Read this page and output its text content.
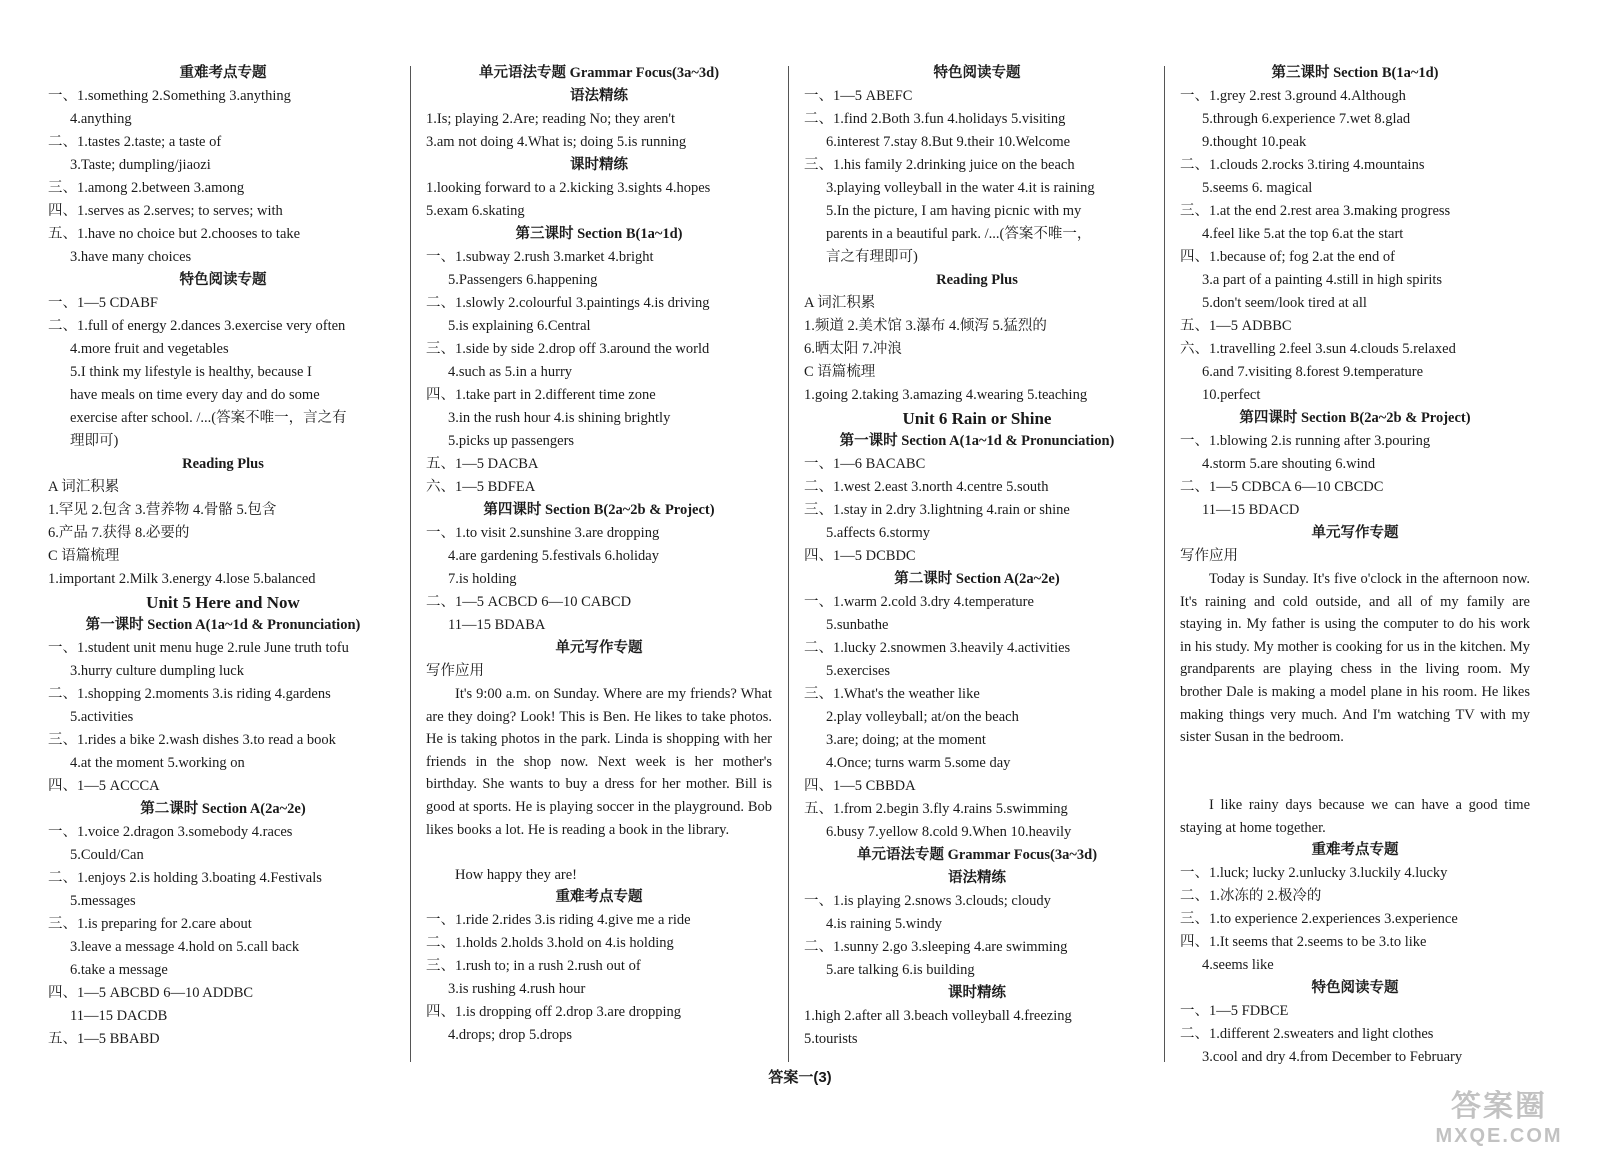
重难考点专题
一、1.something 2.Something 3.anything
4.anything
二、1.tastes 2.taste; a taste of
3.Taste; dumpling/jiaozi
三、1.among 2.between 3.among
四、1.serves as 2.serves; to serves; with
五、1.have no choice but 2.chooses to take
3.have many choices
特色阅读专题
一、1—5 CDABF
二、1.full of energy 2.dances 3.exercise very often
4.more fruit and vegetables
5.I think my lifestyle is healthy, because I
have meals on time every day and do some
exercise after school. /...(答案不唯一，言之有
理即可)
Reading Plus
A 词汇积累
1.罕见 2.包含 3.营养物 4.骨骼 5.包含
6.产品 7.获得 8.必要的
C 语篇梳理
1.important 2.Milk 3.energy 4.lose 5.balanced
Unit 5 Here and Now
第一课时 Section A(1a~1d & Pronunciation)
一、1.student unit menu huge 2.rule June truth tofu
3.hurry culture dumpling luck
二、1.shopping 2.moments 3.is riding 4.gardens
5.activities
三、1.rides a bike 2.wash dishes 3.to read a book
4.at the moment 5.working on
四、1—5 ACCCA
第二课时 Section A(2a~2e)
一、1.voice 2.dragon 3.somebody 4.races
5.Could/Can
二、1.enjoys 2.is holding 3.boating 4.Festivals
5.messages
三、1.is preparing for 2.care about
3.leave a message 4.hold on 5.call back
6.take a message
四、1—5 ABCBD 6—10 ADDBC
11—15 DACDB
五、1—5 BBABD
单元语法专题 Grammar Focus(3a~3d)
语法精练
1.Is; playing 2.Are; reading No; they aren't
3.am not doing 4.What is; doing 5.is running
课时精练
1.looking forward to a 2.kicking 3.sights 4.hopes
5.exam 6.skating
第三课时 Section B(1a~1d)
一、1.subway 2.rush 3.market 4.bright
5.Passengers 6.happening
二、1.slowly 2.colourful 3.paintings 4.is driving
5.is explaining 6.Central
三、1.side by side 2.drop off 3.around the world
4.such as 5.in a hurry
四、1.take part in 2.different time zone
3.in the rush hour 4.is shining brightly
5.picks up passengers
五、1—5 DACBA
六、1—5 BDFEA
第四课时 Section B(2a~2b & Project)
一、1.to visit 2.sunshine 3.are dropping
4.are gardening 5.festivals 6.holiday
7.is holding
二、1—5 ACBCD 6—10 CABCD
11—15 BDABA
单元写作专题
写作应用

It's 9:00 a.m. on Sunday. Where are my friends? What are they doing? Look! This is Ben. He likes to take photos. He is taking photos in the park. Linda is shopping with her friends in the shop now. Next week is her mother's birthday. She wants to buy a dress for her mother. Bill is good at sports. He is playing soccer in the playground. Bob likes books a lot. He is reading a book in the library.

How happy they are!

重难考点专题
一、1.ride 2.rides 3.is riding 4.give me a ride
二、1.holds 2.holds 3.hold on 4.is holding
三、1.rush to; in a rush 2.rush out of
3.is rushing 4.rush hour
四、1.is dropping off 2.drop 3.are dropping
4.drops; drop 5.drops
特色阅读专题
一、1—5 ABEFC
二、1.find 2.Both 3.fun 4.holidays 5.visiting
6.interest 7.stay 8.But 9.their 10.Welcome
三、1.his family 2.drinking juice on the beach
3.playing volleyball in the water 4.it is raining
5.In the picture, I am having picnic with my
parents in a beautiful park. /...(答案不唯一，
言之有理即可)
Reading Plus
A 词汇积累
1.频道 2.美术馆 3.瀑布 4.倾泻 5.猛烈的
6.晒太阳 7.冲浪
C 语篇梳理
1.going 2.taking 3.amazing 4.wearing 5.teaching
Unit 6 Rain or Shine
第一课时 Section A(1a~1d & Pronunciation)
一、1—6 BACABC
二、1.west 2.east 3.north 4.centre 5.south
三、1.stay in 2.dry 3.lightning 4.rain or shine
5.affects 6.stormy
四、1—5 DCBDC
第二课时 Section A(2a~2e)
一、1.warm 2.cold 3.dry 4.temperature
5.sunbathe
二、1.lucky 2.snowmen 3.heavily 4.activities
5.exercises
三、1.What's the weather like
2.play volleyball; at/on the beach
3.are; doing; at the moment
4.Once; turns warm 5.some day
四、1—5 CBBDA
五、1.from 2.begin 3.fly 4.rains 5.swimming
6.busy 7.yellow 8.cold 9.When 10.heavily
单元语法专题 Grammar Focus(3a~3d)
语法精练
一、1.is playing 2.snows 3.clouds; cloudy
4.is raining 5.windy
二、1.sunny 2.go 3.sleeping 4.are swimming
5.are talking 6.is building
课时精练
1.high 2.after all 3.beach volleyball 4.freezing
5.tourists
第三课时 Section B(1a~1d)
一、1.grey 2.rest 3.ground 4.Although
5.through 6.experience 7.wet 8.glad
9.thought 10.peak
二、1.clouds 2.rocks 3.tiring 4.mountains
5.seems 6. magical
三、1.at the end 2.rest area 3.making progress
4.feel like 5.at the top 6.at the start
四、1.because of; fog 2.at the end of
3.a part of a painting 4.still in high spirits
5.don't seem/look tired at all
五、1—5 ADBBC
六、1.travelling 2.feel 3.sun 4.clouds 5.relaxed
6.and 7.visiting 8.forest 9.temperature
10.perfect
第四课时 Section B(2a~2b & Project)
一、1.blowing 2.is running after 3.pouring
4.storm 5.are shouting 6.wind
二、1—5 CDBCA 6—10 CBCDC
11—15 BDACD
单元写作专题
写作应用

Today is Sunday. It's five o'clock in the afternoon now. It's raining and cold outside, and all of my family are staying in. My father is using the computer to do his work in his study. My mother is cooking for us in the kitchen. My grandparents are playing chess in the living room. My brother Dale is making a model plane in his room. He likes making things very much. And I'm watching TV with my sister Susan in the bedroom.

I like rainy days because we can have a good time staying at home together.

重难考点专题
一、1.luck; lucky 2.unlucky 3.luckily 4.lucky
二、1.冰冻的 2.极冷的
三、1.to experience 2.experiences 3.experience
四、1.It seems that 2.seems to be 3.to like
4.seems like
特色阅读专题
一、1—5 FDBCE
二、1.different 2.sweaters and light clothes
3.cool and dry 4.from December to February
答案一(3)
答案圈
MXQE.COM
